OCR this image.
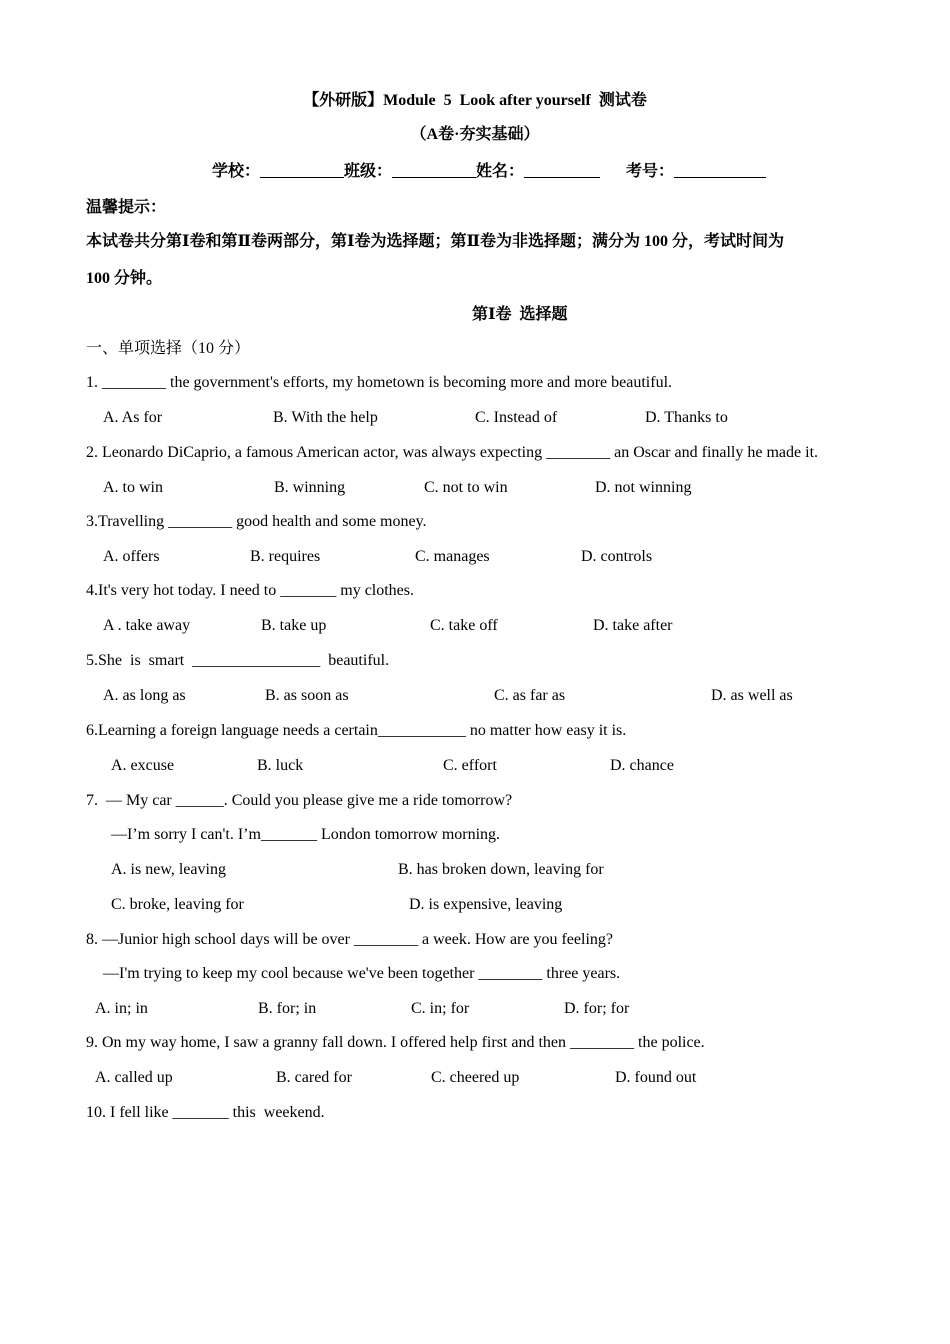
【外研版】Module  5  Look after yourself  测试卷
（A卷·夯实基础）
学校：	班级：	姓名：	考号：
温馨提示：
本试卷共分第Ⅰ卷和第Ⅱ卷两部分，第Ⅰ卷为选择题；第Ⅱ卷为非选择题；满分为 100 分，考试时间为
100 分钟。
第Ⅰ卷  选择题
一、单项选择（10 分）
1. ________ the government's efforts, my hometown is becoming more and more beautiful.
A. As for	B. With the help	C. Instead of	D. Thanks to
2. Leonardo DiCaprio, a famous American actor, was always expecting ________ an Oscar and finally he made it.
A. to win	B. winning	C. not to win	D. not winning
3.Travelling ________ good health and some money.
A. offers	B. requires	C. manages	D. controls
4.It's very hot today. I need to _______ my clothes.
A . take away	B. take up	C. take off	D. take after
5.She  is  smart  ________________  beautiful.
A. as long as	B. as soon as	C. as far as	D. as well as
6.Learning a foreign language needs a certain___________ no matter how easy it is.
A. excuse	B. luck	C. effort	D. chance
7.  — My car ______. Could you please give me a ride tomorrow?
—I’m sorry I can't. I’m_______ London tomorrow morning.
A. is new, leaving	B. has broken down, leaving for
C. broke, leaving for	D. is expensive, leaving
8. —Junior high school days will be over ________ a week. How are you feeling?
—I'm trying to keep my cool because we've been together ________ three years.
A. in; in	B. for; in	C. in; for	D. for; for
9. On my way home, I saw a granny fall down. I offered help first and then ________ the police.
A. called up	B. cared for	C. cheered up	D. found out
10. I fell like _______ this  weekend.
